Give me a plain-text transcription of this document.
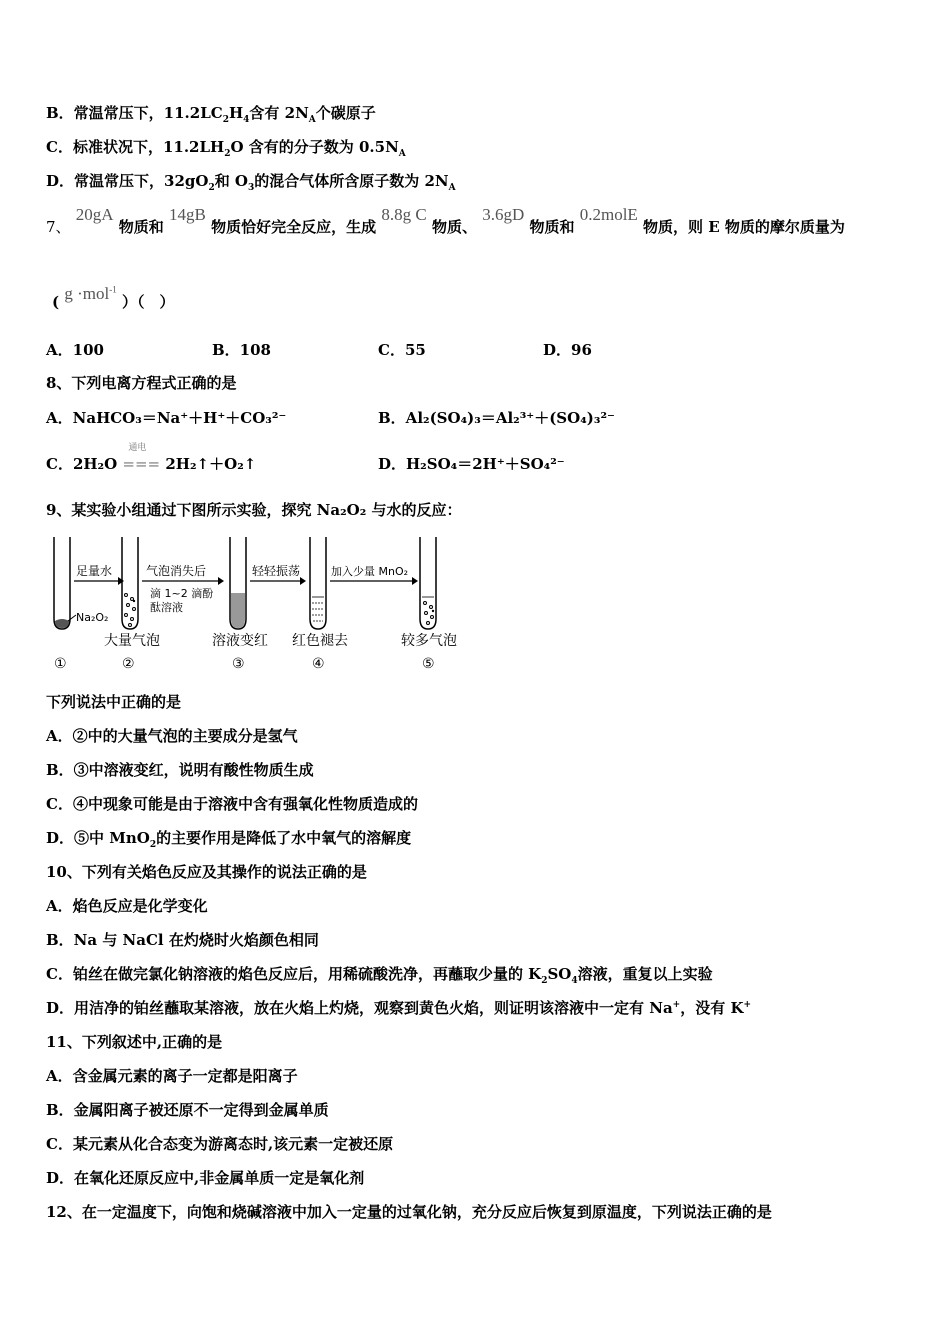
B．常温常压下，$11.2LC_2H_4$含有 $2N_A$个碳原子
C．标准状况下，$11.2LH_2O$ 含有的分子数为 $0.5N_A$
D．常温常压下，$32gO_2$和 $O_3$的混合气体所含原子数为 $2N_A$
7、 20gA 物质和 14gB 物质恰好完全反应，生成 8.8g C 物质、 3.6gD 物质和 0.2molE 物质，则 E 物质的摩尔质量为
( g ·mol$^{-1}$ ）（　）
A．100	B．108	C．55	D．96
8、下列电离方程式正确的是
A．NaHCO₃＝Na⁺＋H⁺＋CO₃²⁻	B．Al₂(SO₄)₃＝Al₂³⁺＋(SO₄)₃²⁻
C．2H₂O
通电
=== 2H₂↑＋O₂↑	D．H₂SO₄＝2H⁺＋SO₄²⁻
9、某实验小组通过下图所示实验，探究 Na₂O₂ 与水的反应：
足量水
Na₂O₂
气泡消失后
滴 1~2 滴酚
酞溶液
轻轻振荡	加入少量 MnO₂
大量气泡	溶液变红 红色褪去	较多气泡
①	②	③	④	⑤
下列说法中正确的是
A．②中的大量气泡的主要成分是氢气
B．③中溶液变红，说明有酸性物质生成
C．④中现象可能是由于溶液中含有强氧化性物质造成的
D．⑤中 MnO$_2$的主要作用是降低了水中氧气的溶解度
10、下列有关焰色反应及其操作的说法正确的是
A．焰色反应是化学变化
B．Na 与 NaCl 在灼烧时火焰颜色相同
C．铂丝在做完氯化钠溶液的焰色反应后，用稀硫酸洗净，再蘸取少量的 $K_2SO_4$溶液，重复以上实验
D．用洁净的铂丝蘸取某溶液，放在火焰上灼烧，观察到黄色火焰，则证明该溶液中一定有 Na+，没有 K+
11、下列叙述中,正确的是
A．含金属元素的离子一定都是阳离子
B．金属阳离子被还原不一定得到金属单质
C．某元素从化合态变为游离态时,该元素一定被还原
D．在氧化还原反应中,非金属单质一定是氧化剂
12、在一定温度下，向饱和烧碱溶液中加入一定量的过氧化钠，充分反应后恢复到原温度，下列说法正确的是
